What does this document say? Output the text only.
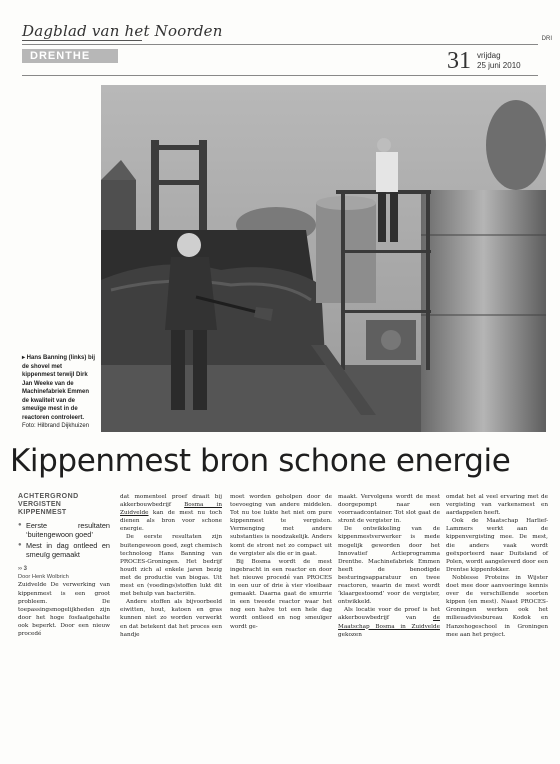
Dagblad van het Noorden	DRI
DRENTHE	31 vrijdag
25 juni 2010
▸ Hans Banning (links) bij de shovel met kippenmest terwijl Dirk Jan Weeke van de Machinefabriek Emmen de kwaliteit van de smeuïge mest in de reactoren controleert. Foto: Hilbrand Dijkhuizen
Kippenmest bron schone energie
ACHTERGROND
VERGISTEN KIPPENMEST
● Eerste resultaten ‘buitengewoon goed’
● Mest in dag ontleed en smeuïg gemaakt
›› 3
Door Henk Wolbrich

Zuidvelde De verwerking van kippenmest is een groot probleem. De toepassingsmogelijkheden zijn door het hoge fosfaatgehalte ook beperkt. Door een nieuw procedé

dat momenteel proef draait bij akkerbouwbedrijf Bosma in Zuidvelde kan de mest nu toch dienen als bron voor schone energie.

De eerste resultaten zijn buitengewoon goed, zegt chemisch technoloog Hans Banning van PROCES-Groningen. Het bedrijf houdt zich al enkele jaren bezig met de productie van biogas. Uit mest en (voedings)stoffen lukt dit met behulp van bacteriën.

Andere stoffen als bijvoorbeeld eiwitten, hout, katoen en gras kunnen niet zo worden verwerkt en dat betekent dat het proces een handje

moet worden geholpen door de toevoeging van andere middelen. Tot nu toe lukte het niet om pure kippenmest te vergisten. Vermenging met andere substanties is noodzakelijk. Anders komt de stront net zo compact uit de vergister als die er in gaat.

Bij Bosma wordt de mest ingebracht in een reactor en door het nieuwe procedé van PROCES in een uur of drie à vier vloeibaar gemaakt. Daarna gaat de smurrie in een tweede reactor waar het nog een halve tot een hele dag wordt ontleed en nog smeuïger wordt ge-

maakt. Vervolgens wordt de mest doorgepompt naar een voorraadcontainer. Tot slot gaat de stront de vergister in.

De ontwikkeling van de kippenmestverwerker is mede mogelijk geworden door het Innovatief Actieprogramma Drenthe. Machinefabriek Emmen heeft de benodigde besturingsapparatuur en twee reactoren, waarin de mest wordt ‘klaargestoomd’ voor de vergister, ontwikkeld.

Als locatie voor de proef is het akkerbouwbedrijf van de Maatschap Bosma in Zuidvelde gekozen

omdat het al veel ervaring met de vergisting van varkensmest en aardappelen heeft.

Ook de Maatschap Harlief-Lammers werkt aan de kippenvergisting mee. De mest, die anders vaak wordt geëxporteerd naar Duitsland of Polen, wordt aangeleverd door een Drentse kippenfokker.

Noblesse Proteins in Wijster doet mee door aanvoeringe kennis over de verschillende soorten kippen (en mest). Naast PROCES-Groningen werken ook het milieuadviesbureau Kodok en Hanzehogeschool in Groningen mee aan het project.
